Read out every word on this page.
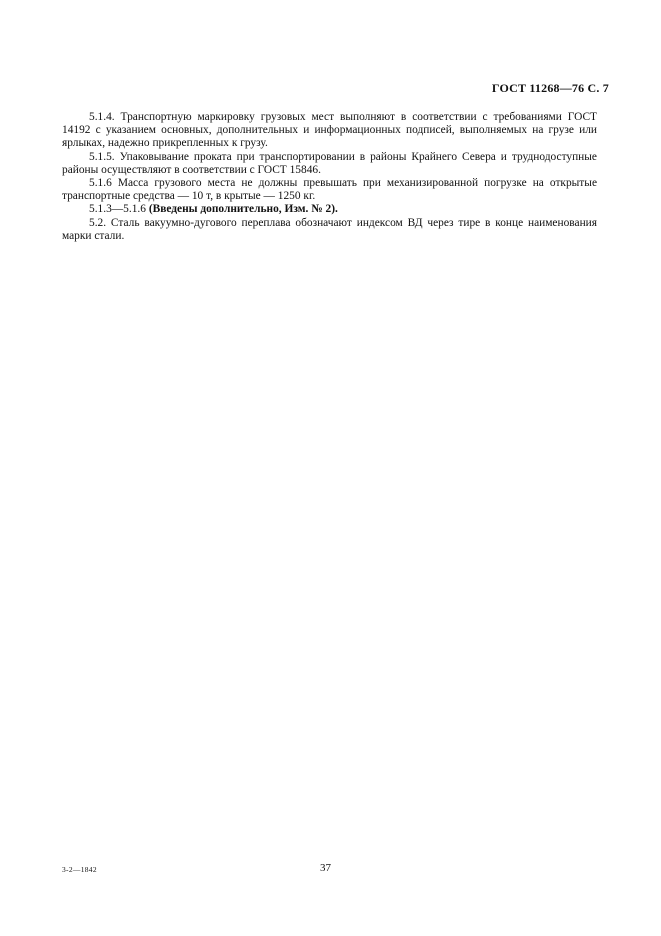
ГОСТ 11268—76 С. 7

5.1.4. Транспортную маркировку грузовых мест выполняют в соответствии с требованиями ГОСТ 14192 с указанием основных, дополнительных и информационных подписей, выполняемых на грузе или ярлыках, надежно прикрепленных к грузу.

5.1.5. Упаковывание проката при транспортировании в районы Крайнего Севера и труднодоступные районы осуществляют в соответствии с ГОСТ 15846.

5.1.6 Масса грузового места не должны превышать при механизированной погрузке на открытые транспортные средства — 10 т, в крытые — 1250 кг.

5.1.3—5.1.6 (Введены дополнительно, Изм. № 2).

5.2. Сталь вакуумно-дугового переплава обозначают индексом ВД через тире в конце наименования марки стали.

3-2—1842	37
